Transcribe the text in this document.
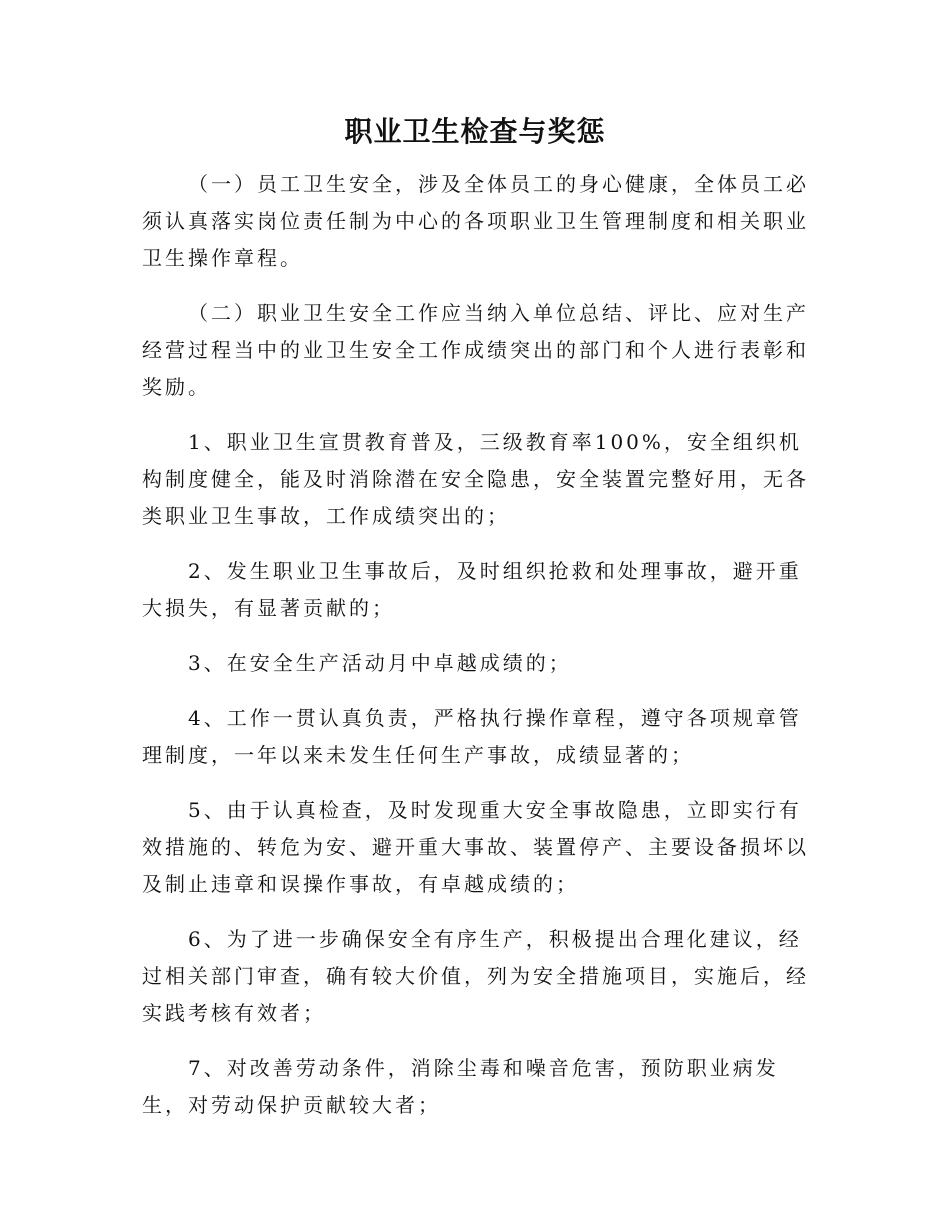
职业卫生检查与奖惩

（一）员工卫生安全，涉及全体员工的身心健康，全体员工必须认真落实岗位责任制为中心的各项职业卫生管理制度和相关职业卫生操作章程。

（二）职业卫生安全工作应当纳入单位总结、评比、应对生产经营过程当中的业卫生安全工作成绩突出的部门和个人进行表彰和奖励。

1、职业卫生宣贯教育普及，三级教育率100%，安全组织机构制度健全，能及时消除潜在安全隐患，安全装置完整好用，无各类职业卫生事故，工作成绩突出的；

2、发生职业卫生事故后，及时组织抢救和处理事故，避开重大损失，有显著贡献的；

3、在安全生产活动月中卓越成绩的；

4、工作一贯认真负责，严格执行操作章程，遵守各项规章管理制度，一年以来未发生任何生产事故，成绩显著的；

5、由于认真检查，及时发现重大安全事故隐患，立即实行有效措施的、转危为安、避开重大事故、装置停产、主要设备损坏以及制止违章和误操作事故，有卓越成绩的；

6、为了进一步确保安全有序生产，积极提出合理化建议，经过相关部门审查，确有较大价值，列为安全措施项目，实施后，经实践考核有效者；

7、对改善劳动条件，消除尘毒和噪音危害，预防职业病发生，对劳动保护贡献较大者；
